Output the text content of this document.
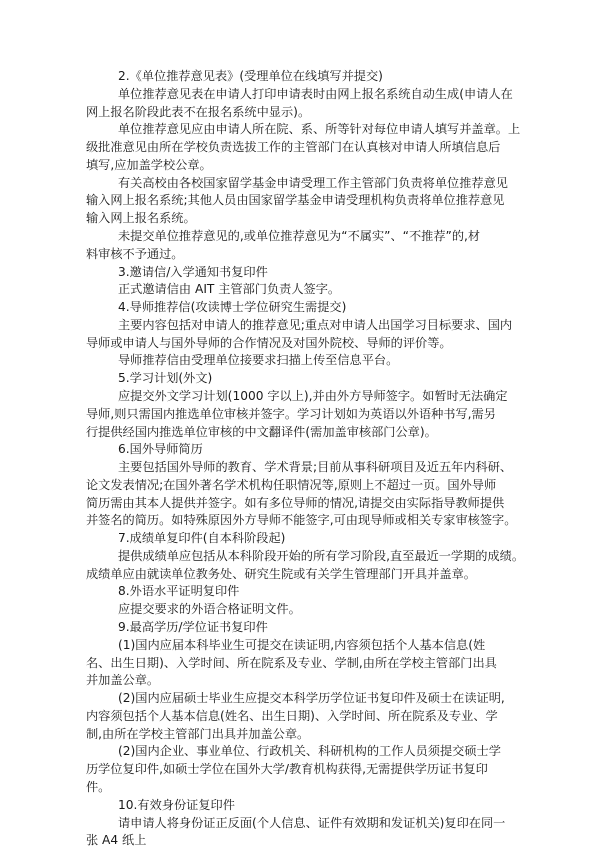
2.《单位推荐意见表》(受理单位在线填写并提交)
单位推荐意见表在申请人打印申请表时由网上报名系统自动生成(申请人在
网上报名阶段此表不在报名系统中显示)。
单位推荐意见应由申请人所在院、系、所等针对每位申请人填写并盖章。上
级批准意见由所在学校负责选拔工作的主管部门在认真核对申请人所填信息后
填写,应加盖学校公章。
有关高校由各校国家留学基金申请受理工作主管部门负责将单位推荐意见
输入网上报名系统;其他人员由国家留学基金申请受理机构负责将单位推荐意见
输入网上报名系统。
未提交单位推荐意见的,或单位推荐意见为“不属实”、“不推荐”的,材
料审核不予通过。
3.邀请信/入学通知书复印件
正式邀请信由 AIT 主管部门负责人签字。
4.导师推荐信(攻读博士学位研究生需提交)
主要内容包括对申请人的推荐意见;重点对申请人出国学习目标要求、国内
导师或申请人与国外导师的合作情况及对国外院校、导师的评价等。
导师推荐信由受理单位接要求扫描上传至信息平台。
5.学习计划(外文)
应提交外文学习计划(1000 字以上),并由外方导师签字。如暂时无法确定
导师,则只需国内推选单位审核并签字。学习计划如为英语以外语种书写,需另
行提供经国内推选单位审核的中文翻译件(需加盖审核部门公章)。
6.国外导师简历
主要包括国外导师的教育、学术背景;目前从事科研项目及近五年内科研、
论文发表情况;在国外著名学术机构任职情况等,原则上不超过一页。国外导师
简历需由其本人提供并签字。如有多位导师的情况,请提交由实际指导教师提供
并签名的简历。如特殊原因外方导师不能签字,可由现导师或相关专家审核签字。
7.成绩单复印件(自本科阶段起)
提供成绩单应包括从本科阶段开始的所有学习阶段,直至最近一学期的成绩。
成绩单应由就读单位教务处、研究生院或有关学生管理部门开具并盖章。
8.外语水平证明复印件
应提交要求的外语合格证明文件。
9.最高学历/学位证书复印件
(1)国内应届本科毕业生可提交在读证明,内容须包括个人基本信息(姓
名、出生日期)、入学时间、所在院系及专业、学制,由所在学校主管部门出具
并加盖公章。
(2)国内应届硕士毕业生应提交本科学历学位证书复印件及硕士在读证明,
内容须包括个人基本信息(姓名、出生日期)、入学时间、所在院系及专业、学
制,由所在学校主管部门出具并加盖公章。
(2)国内企业、事业单位、行政机关、科研机构的工作人员须提交硕士学
历学位复印件,如硕士学位在国外大学/教育机构获得,无需提供学历证书复印
件。
10.有效身份证复印件
请申请人将身份证正反面(个人信息、证件有效期和发证机关)复印在同一
张 A4 纸上
